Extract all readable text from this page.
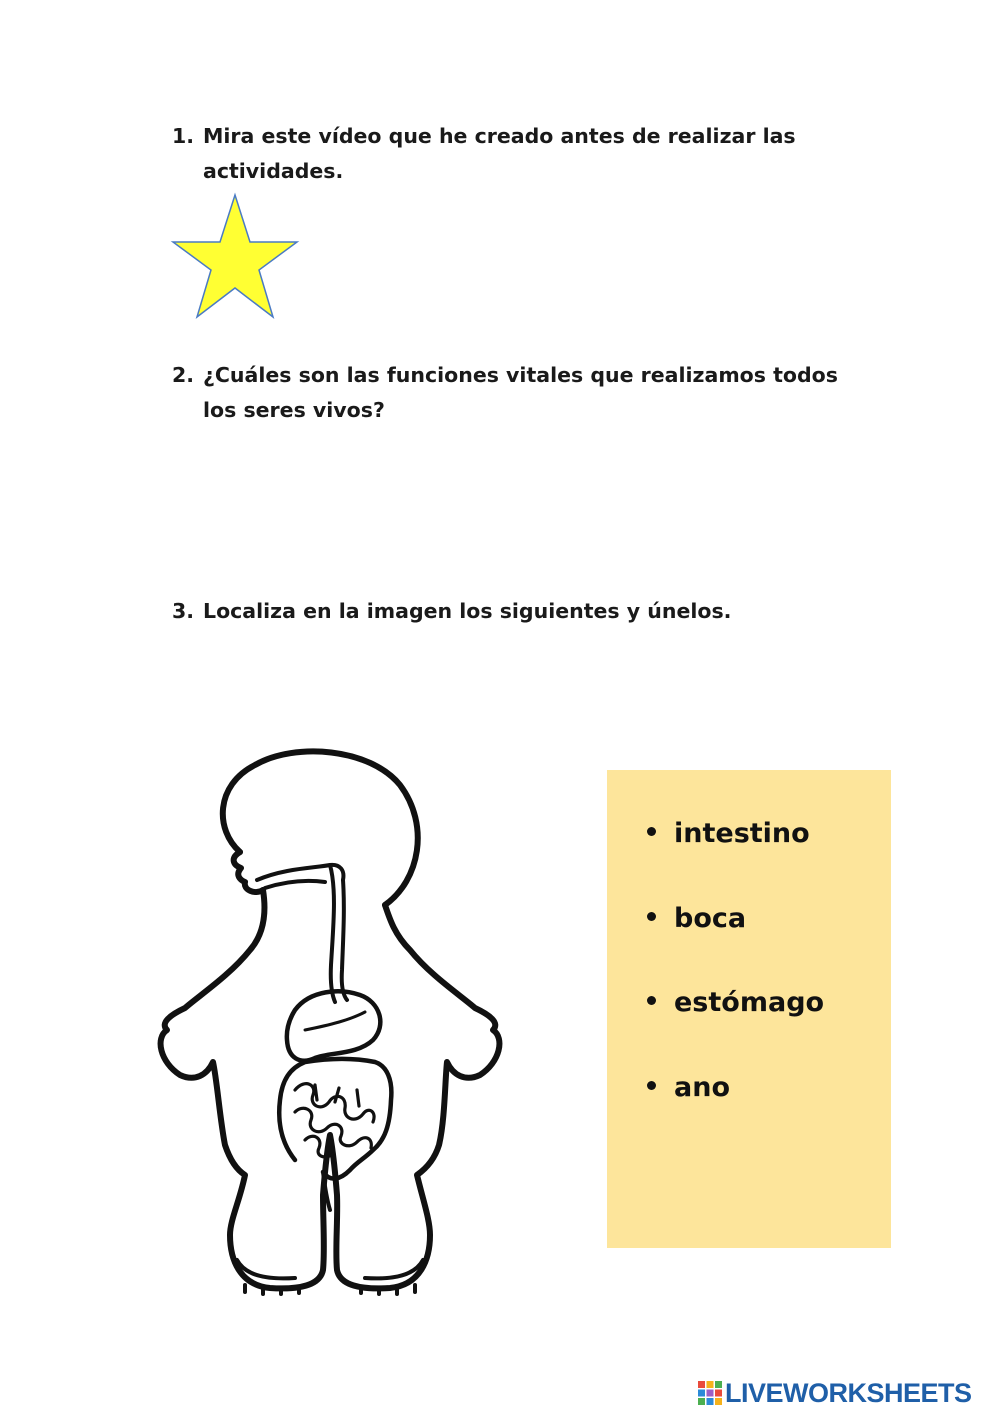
1. Mira este vídeo que he creado antes de realizar las actividades.
2. ¿Cuáles son las funciones vitales que realizamos todos los seres vivos?
3. Localiza en la imagen los siguientes y únelos.
intestino
boca
estómago
ano
LIVEWORKSHEETS
